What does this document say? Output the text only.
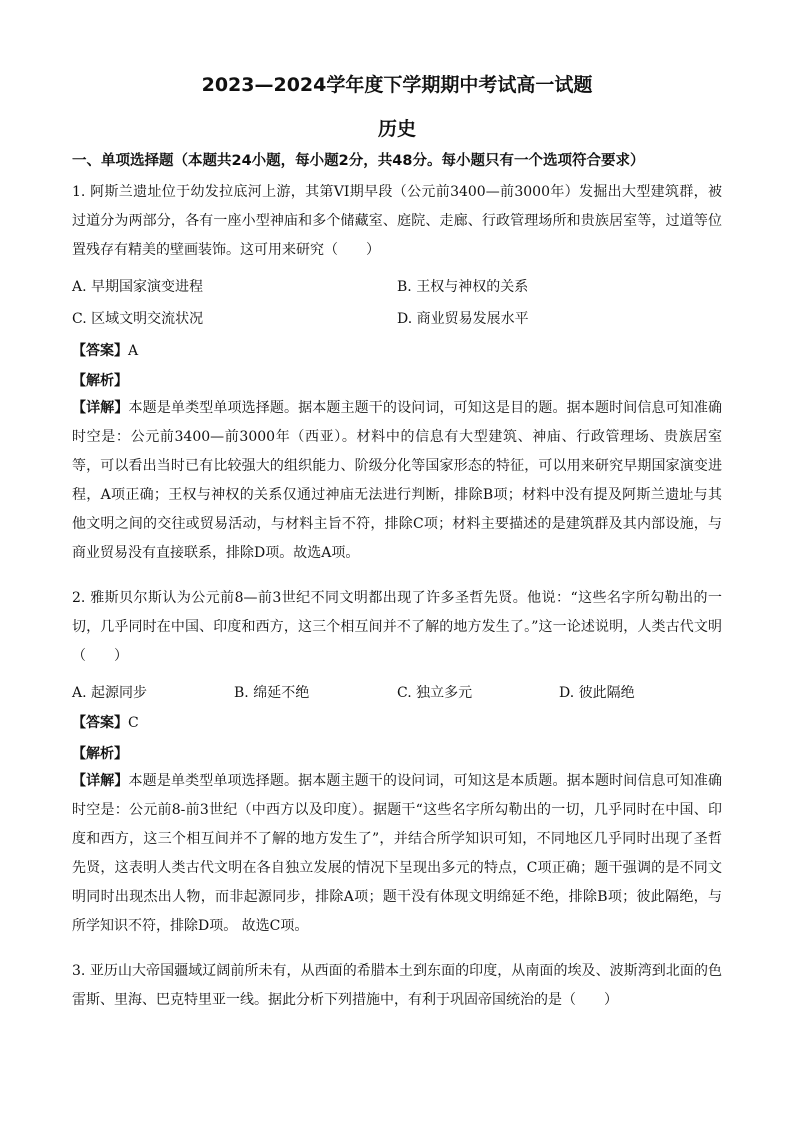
2023—2024学年度下学期期中考试高一试题
历史
一、单项选择题（本题共24小题，每小题2分，共48分。每小题只有一个选项符合要求）

1. 阿斯兰遗址位于幼发拉底河上游，其第VI期早段（公元前3400—前3000年）发掘出大型建筑群，被过道分为两部分，各有一座小型神庙和多个储藏室、庭院、走廊、行政管理场所和贵族居室等，过道等位置残存有精美的壁画装饰。这可用来研究（　　）

A. 早期国家演变进程	B. 王权与神权的关系
C. 区域文明交流状况	D. 商业贸易发展水平
【答案】A
【解析】

【详解】本题是单类型单项选择题。据本题主题干的设问词，可知这是目的题。据本题时间信息可知准确时空是：公元前3400—前3000年（西亚）。材料中的信息有大型建筑、神庙、行政管理场、贵族居室等，可以看出当时已有比较强大的组织能力、阶级分化等国家形态的特征，可以用来研究早期国家演变进程，A项正确；王权与神权的关系仅通过神庙无法进行判断，排除B项；材料中没有提及阿斯兰遗址与其他文明之间的交往或贸易活动，与材料主旨不符，排除C项；材料主要描述的是建筑群及其内部设施，与商业贸易没有直接联系，排除D项。故选A项。

2. 雅斯贝尔斯认为公元前8—前3世纪不同文明都出现了许多圣哲先贤。他说：“这些名字所勾勒出的一切，几乎同时在中国、印度和西方，这三个相互间并不了解的地方发生了。”这一论述说明，人类古代文明（　　）

A. 起源同步	B. 绵延不绝	C. 独立多元	D. 彼此隔绝
【答案】C
【解析】

【详解】本题是单类型单项选择题。据本题主题干的设问词，可知这是本质题。据本题时间信息可知准确时空是：公元前8-前3世纪（中西方以及印度）。据题干“这些名字所勾勒出的一切，几乎同时在中国、印度和西方，这三个相互间并不了解的地方发生了”，并结合所学知识可知，不同地区几乎同时出现了圣哲先贤，这表明人类古代文明在各自独立发展的情况下呈现出多元的特点，C项正确；题干强调的是不同文明同时出现杰出人物，而非起源同步，排除A项；题干没有体现文明绵延不绝，排除B项；彼此隔绝，与所学知识不符，排除D项。 故选C项。

3. 亚历山大帝国疆域辽阔前所未有，从西面的希腊本土到东面的印度，从南面的埃及、波斯湾到北面的色雷斯、里海、巴克特里亚一线。据此分析下列措施中，有利于巩固帝国统治的是（　　）
